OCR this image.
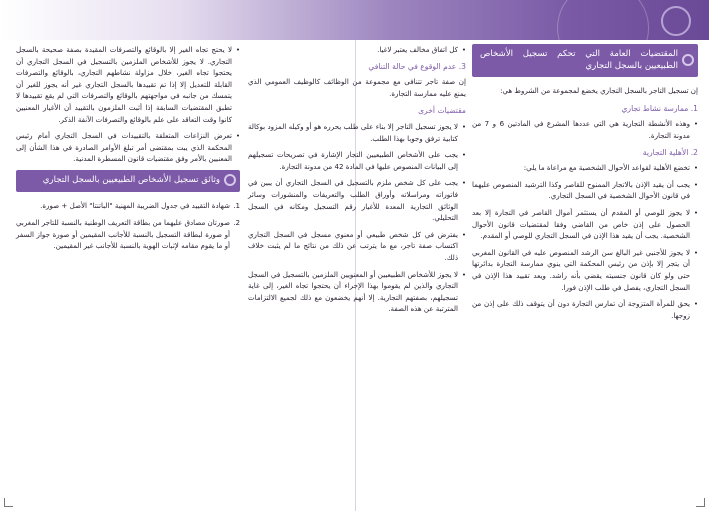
المقتضيات العامة التي تحكم تسجيل الأشخاص الطبيعيين بالسجل التجاري

إن تسجيل التاجر بالسجل التجاري يخضع لمجموعة من الشروط هي:

1. ممارسة نشاط تجاري
• وهذه الأنشطة التجارية هي التي عددها المشرع في المادتين 6 و 7 من مدونة التجارة.
2. الأهلية التجارية
• تخضع الأهلية لقواعد الأحوال الشخصية مع مراعاة ما يلي:
• يجب أن يقيد الإذن بالاتجار الممنوح للقاصر وكذا الترشيد المنصوص عليهما في قانون الأحوال الشخصية في السجل التجاري.
• لا يجوز للوصي أو المقدم أن يستثمر أموال القاصر في التجارة إلا بعد الحصول على إذن خاص من القاضي وفقا لمقتضيات قانون الأحوال الشخصية. يجب أن يقيد هذا الإذن في السجل التجاري للوصي أو المقدم.
• لا يجوز للأجنبي غير البالغ سن الرشد المنصوص عليه في القانون المغربي أن يتجر إلا بإذن من رئيس المحكمة التي ينوي ممارسة التجارة بدائرتها حتى ولو كان قانون جنسيته يقضي بأنه راشد. ويعد تقييد هذا الإذن في السجل التجاري، يفصل في طلب الإذن فورا.
• يحق للمرأة المتزوجة أن تمارس التجارة دون أن يتوقف ذلك على إذن من زوجها.
• كل اتفاق مخالف يعتبر لاغيا.
3. عدم الوقوع في حالة التنافي

إن صفة تاجر تتنافى مع مجموعة من الوظائف كالوظيف العمومي الذي يمنع عليه ممارسة التجارة.

مقتضيات أخرى
• لا يجوز تسجيل التاجر إلا بناء على طلب يحرره هو أو وكيله المزود بوكالة كتابية ترفق وجوبا بهذا الطلب.
• يجب على الأشخاص الطبيعيين التجار الإشارة في تصريحات تسجيلهم إلى البيانات المنصوص عليها في المادة 42 من مدونة التجارة.
• يجب على كل شخص ملزم بالتسجيل في السجل التجاري أن يبين في فاتوراته ومراسلاته وأوراق الطلب والتعريفات والمنشورات وسائر الوثائق التجارية المعدة للأغيار رقم التسجيل ومكانه في السجل التحليلي.
• يفترض في كل شخص طبيعي أو معنوي مسجل في السجل التجاري اكتساب صفة تاجر، مع ما يترتب عن ذلك من نتائج ما لم يثبت خلاف ذلك.
• لا يجوز للأشخاص الطبيعيين أو المعنويين الملزمين بالتسجيل في السجل التجاري والذين لم يقوموا بهذا الإجراء أن يحتجوا تجاه الغير، إلى غاية تسجيلهم، بصفتهم التجارية. إلا أنهم يخضعون مع ذلك لجميع الالتزامات المترتبة عن هذه الصفة.
• لا يحتج تجاه الغير إلا بالوقائع والتصرفات المقيدة بصفة صحيحة بالسجل التجاري. لا يجوز للأشخاص الملزمين بالتسجيل في السجل التجاري أن يحتجوا تجاه الغير، خلال مزاولة نشاطهم التجاري، بالوقائع والتصرفات القابلة للتعديل إلا إذا تم تقييدها بالسجل التجاري غير أنه يجوز للغير أن يتمسك من جانبه في مواجهتهم بالوقائع والتصرفات التي لم يقع تقييدها لا تطبق المقتضيات السابقة إذا أثبت الملزمون بالتقييد أن الأغيار المعنيين كانوا وقت التعاقد على علم بالوقائع والتصرفات الآنفة الذكر.
• تعرض النزاعات المتعلقة بالتقييدات في السجل التجاري أمام رئيس المحكمة الذي يبت بمقتضى أمر تبلغ الأوامر الصادرة في هذا الشأن إلى المعنيين بالأمر وفق مقتضيات قانون المسطرة المدنية.
وثائق تسجيل الأشخاص الطبيعيين بالسجل التجاري
1.
شهادة التقييد في جدول الضريبة المهنية "الباتنتا" الأصل + صورة.
2.
صورتان مصادق عليهما من بطاقة التعريف الوطنية بالنسبة للتاجر المغربي أو صورة لبطاقة التسجيل بالنسبة للأجانب المقيمين أو صورة جواز السفر أو ما يقوم مقامه لإثبات الهوية بالنسبة للأجانب غير المقيمين.
